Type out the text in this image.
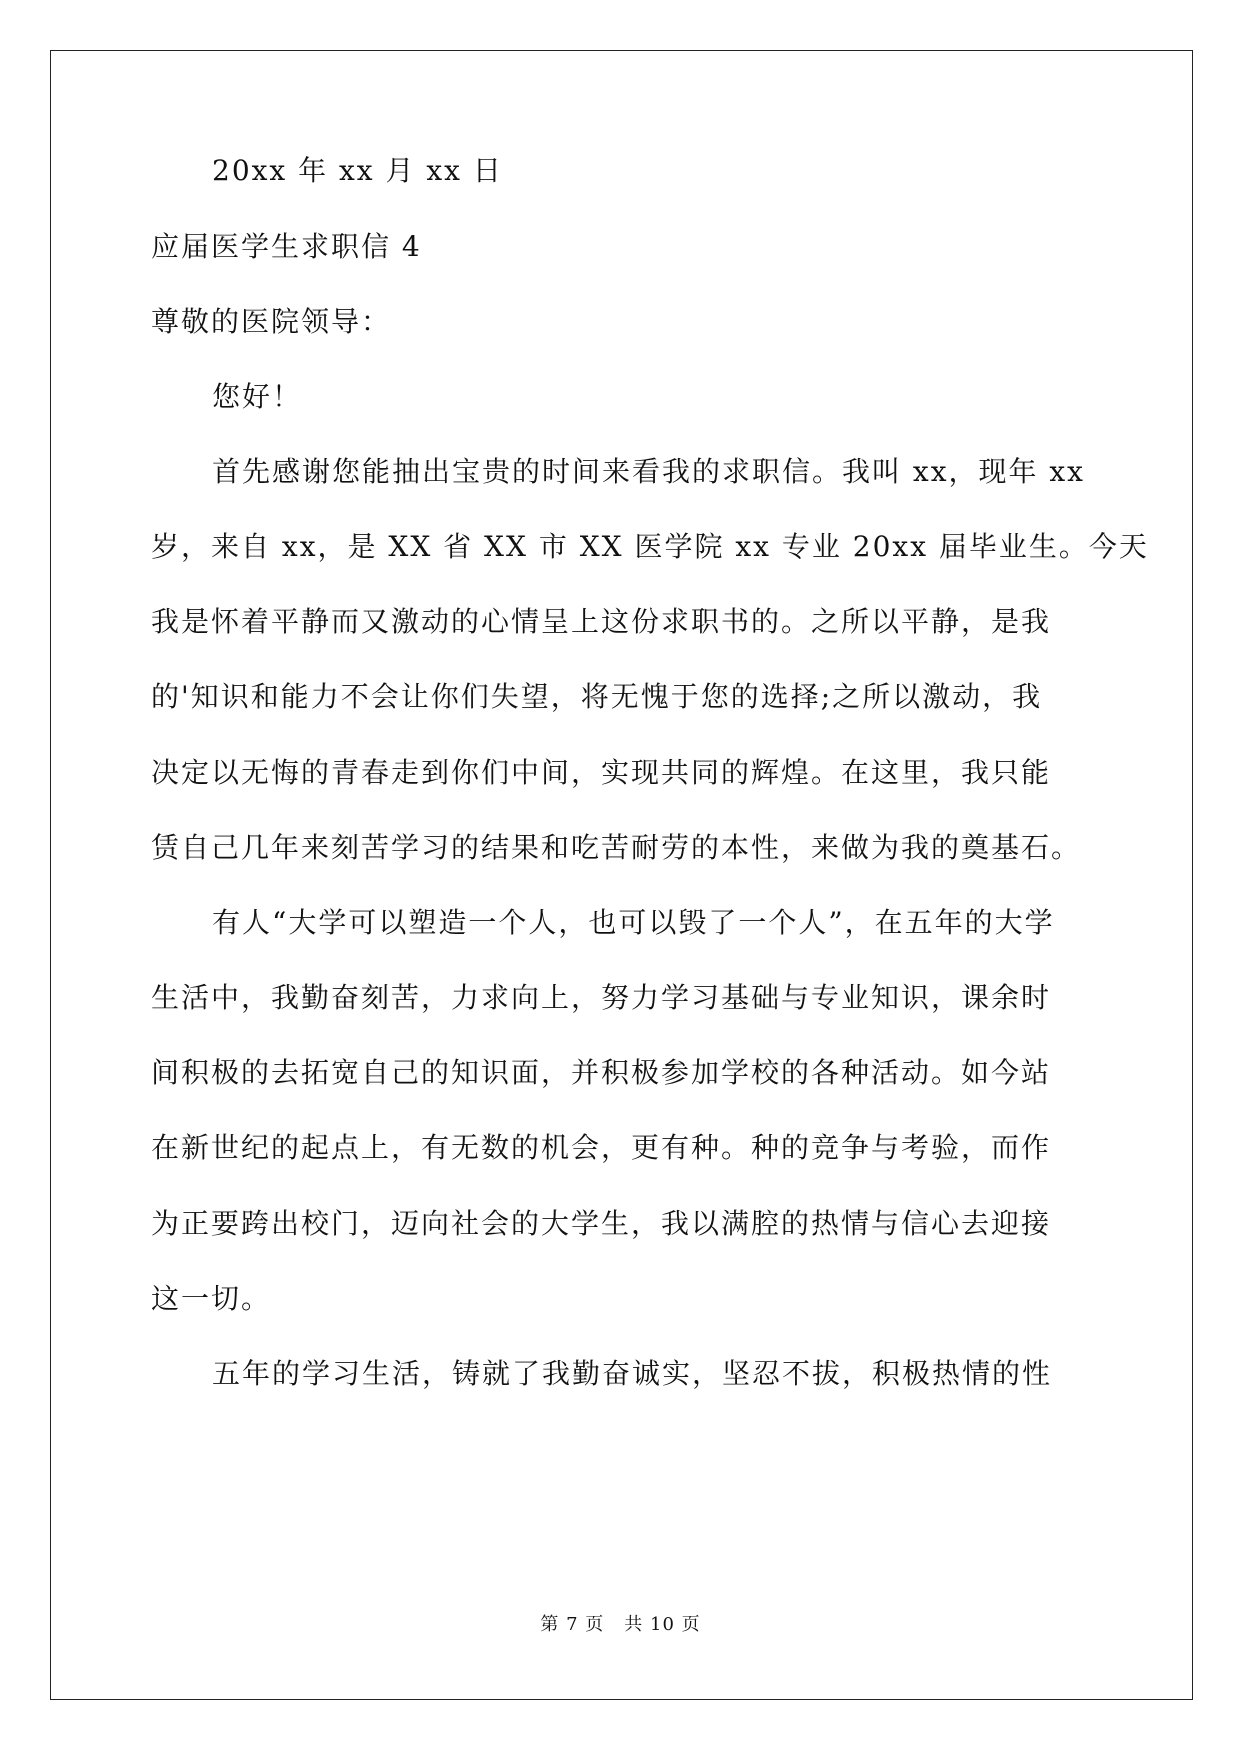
20xx 年 xx 月 xx 日
应届医学生求职信 4
尊敬的医院领导：
您好！
首先感谢您能抽出宝贵的时间来看我的求职信。我叫 xx，现年 xx
岁，来自 xx，是 XX 省 XX 市 XX 医学院 xx 专业 20xx 届毕业生。今天
我是怀着平静而又激动的心情呈上这份求职书的。之所以平静，是我
的'知识和能力不会让你们失望，将无愧于您的选择;之所以激动，我
决定以无悔的青春走到你们中间，实现共同的辉煌。在这里，我只能
赁自己几年来刻苦学习的结果和吃苦耐劳的本性，来做为我的奠基石。
有人“大学可以塑造一个人，也可以毁了一个人”，在五年的大学
生活中，我勤奋刻苦，力求向上，努力学习基础与专业知识，课余时
间积极的去拓宽自己的知识面，并积极参加学校的各种活动。如今站
在新世纪的起点上，有无数的机会，更有种。种的竞争与考验，而作
为正要跨出校门，迈向社会的大学生，我以满腔的热情与信心去迎接
这一切。
五年的学习生活，铸就了我勤奋诚实，坚忍不拔，积极热情的性
第 7 页 共 10 页
